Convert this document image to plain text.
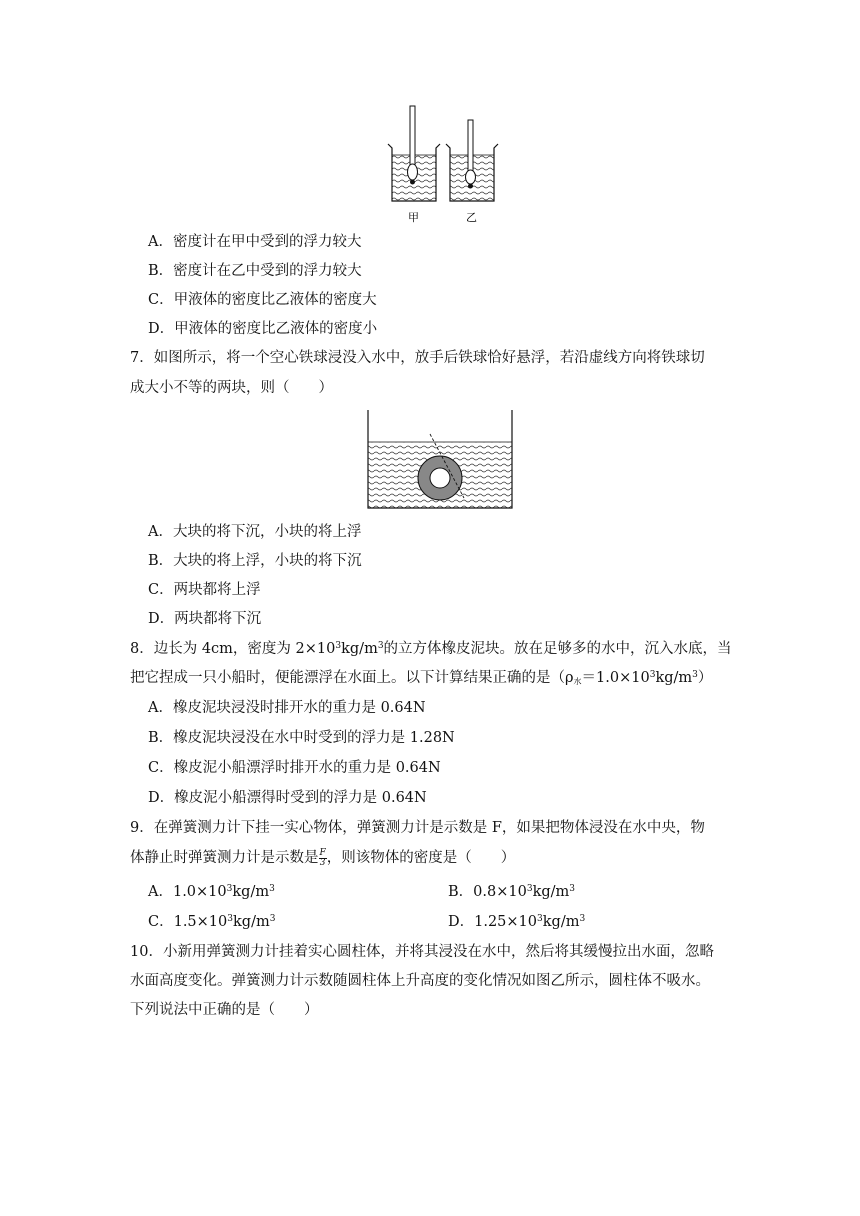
甲	乙
A．密度计在甲中受到的浮力较大
B．密度计在乙中受到的浮力较大
C．甲液体的密度比乙液体的密度大
D．甲液体的密度比乙液体的密度小
7．如图所示，将一个空心铁球浸没入水中，放手后铁球恰好悬浮，若沿虚线方向将铁球切
成大小不等的两块，则（　　）
A．大块的将下沉，小块的将上浮
B．大块的将上浮，小块的将下沉
C．两块都将上浮
D．两块都将下沉
8．边长为 4cm，密度为 $2\times 10^3kg/m^3$的立方体橡皮泥块。放在足够多的水中，沉入水底，当
把它捏成一只小船时，便能漂浮在水面上。以下计算结果正确的是$(\rho_水=1.0\times 10^3kg/m^3)$
A．橡皮泥块浸没时排开水的重力是 0.64N
B．橡皮泥块浸没在水中时受到的浮力是 1.28N
C．橡皮泥小船漂浮时排开水的重力是 0.64N
D．橡皮泥小船漂得时受到的浮力是 0.64N
9．在弹簧测力计下挂一实心物体，弹簧测力计是示数是 F，如果把物体浸没在水中央，物
体静止时弹簧测力计是示数是 $\frac{F}{3}$ ，则该物体的密度是（　　）
A．$1.0\times 10^3kg/m^3$	B．$0.8\times 10^3kg/m^3$
C．$1.5\times 10^3kg/m^3$	D．$1.25\times 10^3kg/m^3$
10．小新用弹簧测力计挂着实心圆柱体，并将其浸没在水中，然后将其缓慢拉出水面，忽略
水面高度变化。弹簧测力计示数随圆柱体上升高度的变化情况如图乙所示，圆柱体不吸水。
下列说法中正确的是（　　）
